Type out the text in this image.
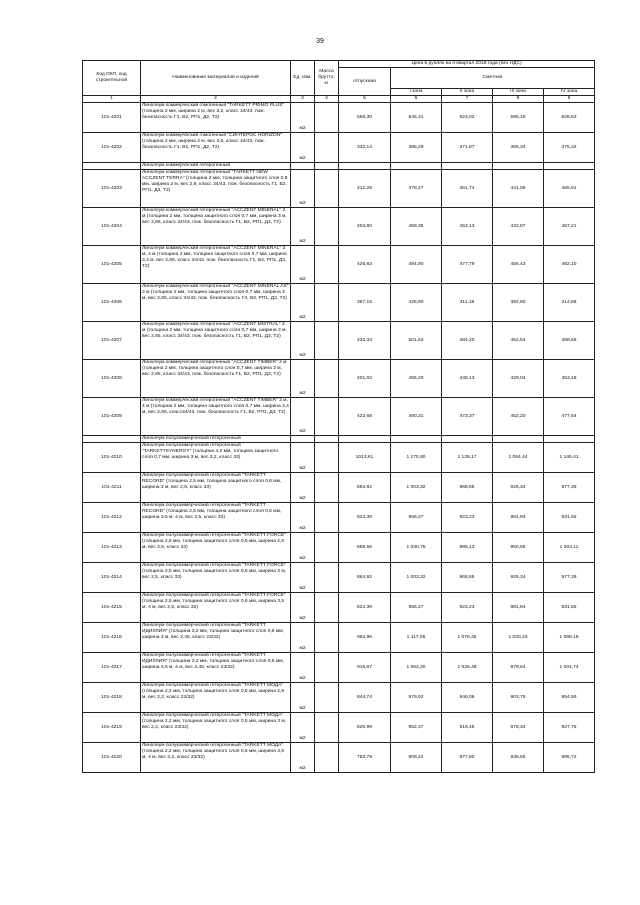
39
Код ОКП, код строительной	Наименование материалов и изделий	Ед. изм.	Масса брутто, кг	Цена в рублях на II квартал 2016 года (без НДС)				
				отпускная	Сметная			
					I зона	II зона	III зона	IV зона
1	2	3	4	5	6	7	8	9
101-4201	Линолеум коммерческий гомогенный "TARKETT PRIMO PLUS" (толщина 2 мм, ширина 2 м, вес 3,2, класс 34/43, пож. безопасность Г1, В2, РП1, Д2, Т2)	м2		556,30	545,31	623,02	595,16	628,63
101-4202	Линолеум коммерческий гомогенный "СИНТЕРОС HORIZON" (толщина 2 мм, ширина 2 м, вес 3,5, класс 34/43, пож. безопасность Г1, В2, РП1, Д2, Т2)	м2		332,14	385,29	371,87	355,34	375,32
	Линолеум коммерческий гетерогенный							
101-4203	Линолеум коммерческий гетерогенный "TARKETT NEW ACCZENT TERRA" (толщина 2 мм, толщина защитного слоя 0,8 мм, ширина 2 м, вес 2,8, класс 34/43, пож. безопасность Г1, В2, РП1, Д3, Т2)	м2		412,29	478,27	461,74	441,09	465,91
101-4204	Линолеум коммерческий гетерогенный "ACCZENT MINERAL" 3 м (толщина 2 мм, толщина защитного слоя 0,7 мм, ширина 3 м, вес 2,85, класс 34/43, пож. безопасность Г1, В2, РП1, Д3, Т2)	м2		404,60	469,35	453,13	432,87	457,21
101-4205	Линолеум коммерческий гетерогенный "ACCZENT MINERAL" 3 м, 4 м (толщина 2 мм, толщина защитного слоя 0,7 мм, ширина 3,4 м, вес 2,85, класс 34/43, пож. безопасность Г1, В2, РП1, Д3, Т2)	м2		426,63	494,90	477,79	456,43	482,10
101-4206	Линолеум коммерческий гетерогенный "ACCZENT MINERAL AS" 3 м (толщина 2 мм, толщина защитного слоя 0,7 мм, ширина 3 м, вес 2,85, класс 34/43, пож. безопасность Г4, В3, РП1, Д3, Т2)	м2		367,15	425,90	411,19	392,80	414,88
101-4207	Линолеум коммерческий гетерогенный "ACCZENT MISTRAL" 3 м (толщина 2 мм, толщина защитного слоя 0,7 мм, ширина 3 м, вес 2,85, класс 34/43, пож. безопасность Г1, В2, РП1, Д3, Т2)	м2		432,34	501,53	484,20	462,54	488,56
101-4208	Линолеум коммерческий гетерогенный "ACCZENT TIMBER" 2 м (толщина 2 мм, толщина защитного слоя 0,7 мм, ширина 2 м, вес 2,85, класс 34/43, пож. безопасность Г1, В2, РП1, Д3, Т2)	м2		401,03	465,20	449,13	429,04	453,18
101-4209	Линолеум коммерческий гетерогенный "ACCZENT TIMBER" 3 м, 4 м (толщина 2 мм, толщина защитного слоя 0,7 мм, ширина 3,4 м, вес 2,85, класс34/43, пож. безопасность Г1, В2, РП1, Д3, Т2)	м2		422,68	490,31	473,37	452,20	477,64
	Линолеум полукоммерческий гетерогенный							
101-4210	Линолеум полукоммерческий гетерогенный "TARKETTSYNERGY" (толщина 4,2 мм, толщина защитного слоя 0,7 мм, ширина 3 м, вес 3,2, класс 33)	м2		1013,61	1 175,80	1 135,17	1 084,44	1 145,41
101-4211	Линолеум полукоммерческий гетерогенный "TARKETT RECORD" (толщина 2,5 мм, толщина защитного слоя 0,6 мм, ширина 3 м, вес 2,5, класс 33)	м2		864,92	1 003,32	968,65	925,34	977,39
101-4212	Линолеум полукоммерческий гетерогенный "TARKETT RECORD" (толщина 2,5 мм, толщина защитного слоя 0,6 мм, ширина 3,5 м, 4 м, вес 2,5, класс 33)	м2		824,39	956,27	923,23	881,94	931,55
101-4213	Линолеум полукоммерческий гетерогенный "TARKETT FORCE" (толщина 2,5 мм, толщина защитного слоя 0,6 мм, ширина 2,5 м, вес 2,5, класс 33)	м2		888,56	1 030,75	995,13	950,65	1 004,11
101-4214	Линолеум полукоммерческий гетерогенный "TARKETT FORCE" (толщина 2,5 мм, толщина защитного слоя 0,6 мм, ширина 3 м, вес 2,5, класс 33)	м2		864,92	1 003,32	968,65	925,34	977,39
101-4215	Линолеум полукоммерческий гетерогенный "TARKETT FORCE" (толщина 2,5 мм, толщина защитного слоя 0,6 мм, ширина 3,5 м, 4 м, вес 2,5, класс 33)	м2		824,39	956,27	923,23	881,94	931,55
101-4216	Линолеум полукоммерческий гетерогенный "TARKETT ИДИЛЛИЯ" (толщина 3,2 мм, толщина защитного слоя 0,5 мм, ширина 3 м, вес 2,45, класс 23/32)	м2		962,96	1 117,05	1 078,45	1 030,23	1 088,18
101-4217	Линолеум полукоммерческий гетерогенный "TARKETT ИДИЛЛИЯ" (толщина 3,2 мм, толщина защитного слоя 0,5 мм, ширина 3,5 м, 4 м, вес 2,45, класс 23/32)	м2		915,67	1 062,20	1 025,49	979,64	1 034,74
101-4218	Линолеум полукоммерческий гетерогенный "TARKETT МОДА" (толщина 2,2 мм, толщина защитного слоя 0,5 мм, ширина 2,5 м, вес 2,2, класс 23/32)	м2		844,74	979,92	946,06	903,75	954,59
101-4219	Линолеум полукоммерческий гетерогенный "TARKETT МОДА" (толщина 2,2 мм, толщина защитного слоя 0,5 мм, ширина 3 м, вес 2,2, класс 23/32)	м2		820,99	952,37	919,45	878,34	927,75
101-4220	Линолеум полукоммерческий гетерогенный "TARKETT МОДА" (толщина 2,2 мм, толщина защитного слоя 0,5 мм, ширина 3,5 м, 4 м, вес 2,2, класс 23/32)	м2		783,79	909,22	877,80	838,55	885,72
